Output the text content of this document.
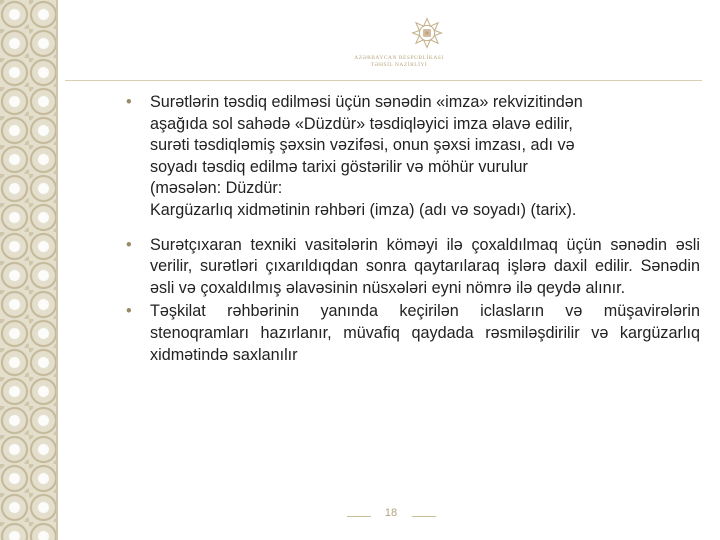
AZƏRBAYCAN RESPUBLİKASI
TƏHSİL NAZİRLİYİ

•	Surətlərin təsdiq edilməsi üçün sənədin «imza» rekvizitindən
aşağıda sol sahədə «Düzdür» təsdiqləyici imza əlavə edilir,
surəti təsdiqləmiş şəxsin vəzifəsi, onun şəxsi imzası, adı və
soyadı təsdiq edilmə tarixi göstərilir və möhür vurulur
(məsələn: Düzdür:
Kargüzarlıq xidmətinin rəhbəri (imza) (adı və soyadı) (tarix).

•	Surətçıxaran texniki vasitələrin köməyi ilə çoxaldılmaq üçün sənədin əsli verilir, surətləri çıxarıldıqdan sonra qaytarılaraq işlərə daxil edilir. Sənədin əsli və çoxaldılmış əlavəsinin nüsxələri eyni nömrə ilə qeydə alınır.

•	Təşkilat rəhbərinin yanında keçirilən iclasların və müşavirələrin stenoqramları hazırlanır, müvafiq qaydada rəsmiləşdirilir və kargüzarlıq xidmətində saxlanılır

18
